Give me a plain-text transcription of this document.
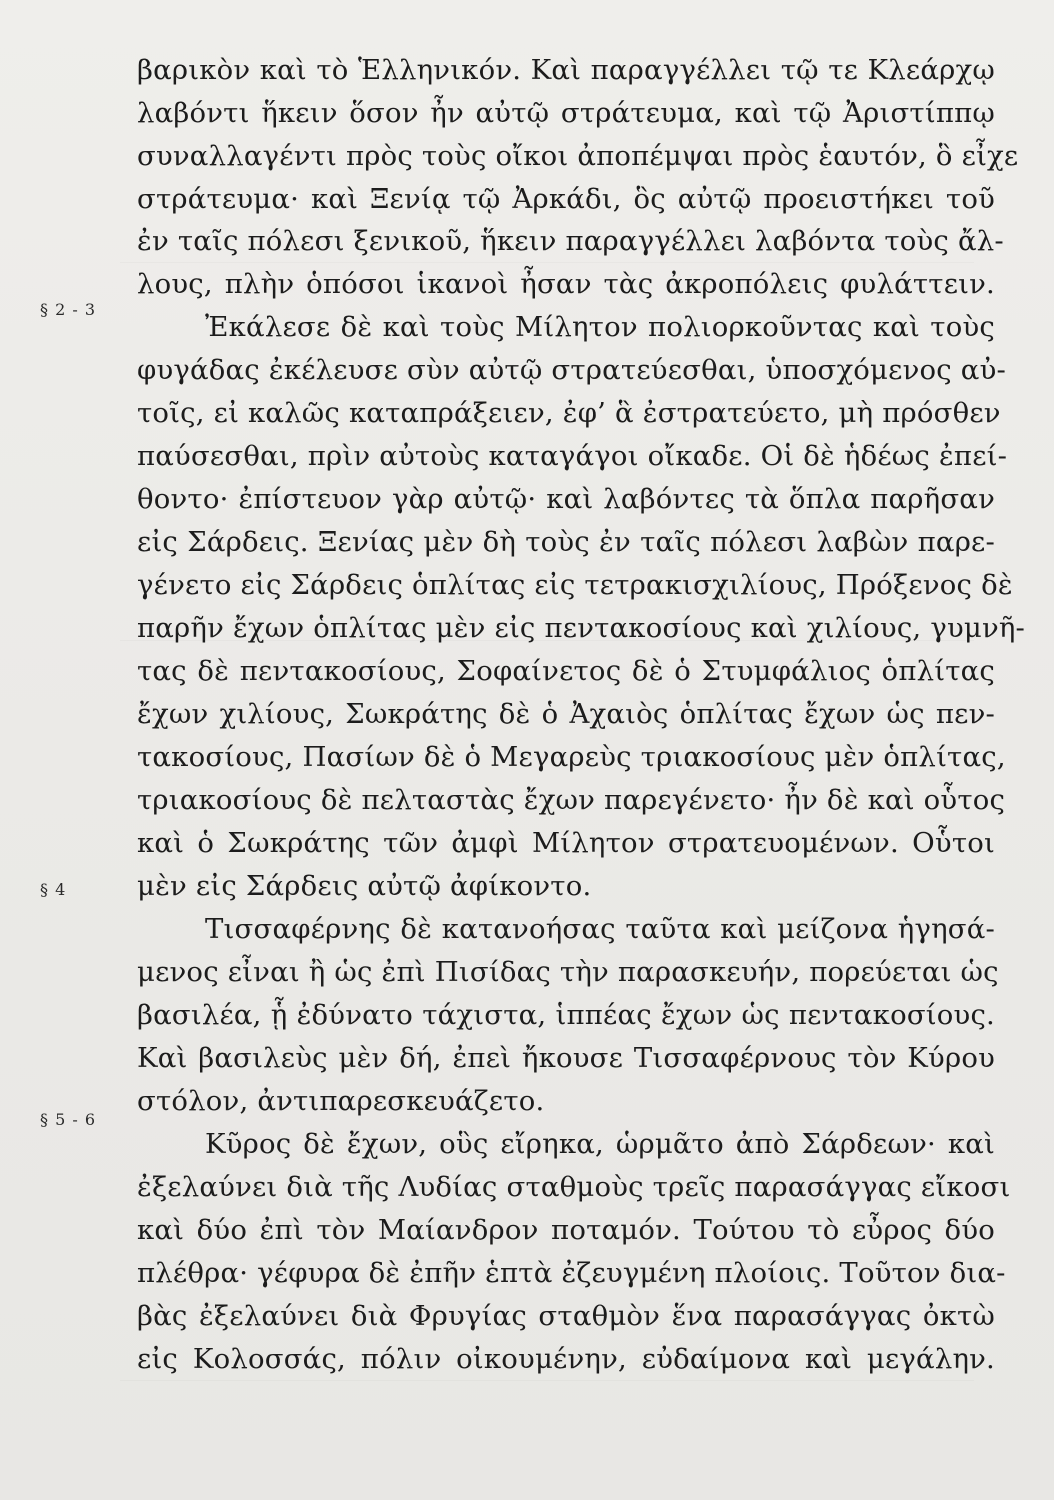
§ 2 - 3
§ 4
§ 5 - 6
βαρικὸν καὶ τὸ Ἑλληνικόν. Καὶ παραγγέλλει τῷ τε Κλεάρχῳ
λαβόντι ἥκειν ὅσον ἦν αὐτῷ στράτευμα, καὶ τῷ Ἀριστίππῳ
συναλλαγέντι πρὸς τοὺς οἴκοι ἀποπέμψαι πρὸς ἑαυτόν, ὃ εἶχε
στράτευμα· καὶ Ξενίᾳ τῷ Ἀρκάδι, ὃς αὐτῷ προειστήκει τοῦ
ἐν ταῖς πόλεσι ξενικοῦ, ἥκειν παραγγέλλει λαβόντα τοὺς ἄλ-
λους, πλὴν ὁπόσοι ἱκανοὶ ἦσαν τὰς ἀκροπόλεις φυλάττειν.
Ἐκάλεσε δὲ καὶ τοὺς Μίλητον πολιορκοῦντας καὶ τοὺς
φυγάδας ἐκέλευσε σὺν αὐτῷ στρατεύεσθαι, ὑποσχόμενος αὐ-
τοῖς, εἰ καλῶς καταπράξειεν, ἐφ’ ἃ ἐστρατεύετο, μὴ πρόσθεν
παύσεσθαι, πρὶν αὐτοὺς καταγάγοι οἴκαδε. Οἱ δὲ ἡδέως ἐπεί-
θοντο· ἐπίστευον γὰρ αὐτῷ· καὶ λαβόντες τὰ ὅπλα παρῆσαν
εἰς Σάρδεις. Ξενίας μὲν δὴ τοὺς ἐν ταῖς πόλεσι λαβὼν παρε-
γένετο εἰς Σάρδεις ὁπλίτας εἰς τετρακισχιλίους, Πρόξενος δὲ
παρῆν ἔχων ὁπλίτας μὲν εἰς πεντακοσίους καὶ χιλίους, γυμνῆ-
τας δὲ πεντακοσίους, Σοφαίνετος δὲ ὁ Στυμφάλιος ὁπλίτας
ἔχων χιλίους, Σωκράτης δὲ ὁ Ἀχαιὸς ὁπλίτας ἔχων ὡς πεν-
τακοσίους, Πασίων δὲ ὁ Μεγαρεὺς τριακοσίους μὲν ὁπλίτας,
τριακοσίους δὲ πελταστὰς ἔχων παρεγένετο· ἦν δὲ καὶ οὗτος
καὶ ὁ Σωκράτης τῶν ἀμφὶ Μίλητον στρατευομένων. Οὗτοι
μὲν εἰς Σάρδεις αὐτῷ ἀφίκοντο.
Τισσαφέρνης δὲ κατανοήσας ταῦτα καὶ μείζονα ἡγησά-
μενος εἶναι ἢ ὡς ἐπὶ Πισίδας τὴν παρασκευήν, πορεύεται ὡς
βασιλέα, ᾗ ἐδύνατο τάχιστα, ἱππέας ἔχων ὡς πεντακοσίους.
Καὶ βασιλεὺς μὲν δή, ἐπεὶ ἤκουσε Τισσαφέρνους τὸν Κύρου
στόλον, ἀντιπαρεσκευάζετο.
Κῦρος δὲ ἔχων, οὓς εἴρηκα, ὡρμᾶτο ἀπὸ Σάρδεων· καὶ
ἐξελαύνει διὰ τῆς Λυδίας σταθμοὺς τρεῖς παρασάγγας εἴκοσι
καὶ δύο ἐπὶ τὸν Μαίανδρον ποταμόν. Τούτου τὸ εὖρος δύο
πλέθρα· γέφυρα δὲ ἐπῆν ἑπτὰ ἐζευγμένη πλοίοις. Τοῦτον δια-
βὰς ἐξελαύνει διὰ Φρυγίας σταθμὸν ἕνα παρασάγγας ὀκτὼ
εἰς Κολοσσάς, πόλιν οἰκουμένην, εὐδαίμονα καὶ μεγάλην.
